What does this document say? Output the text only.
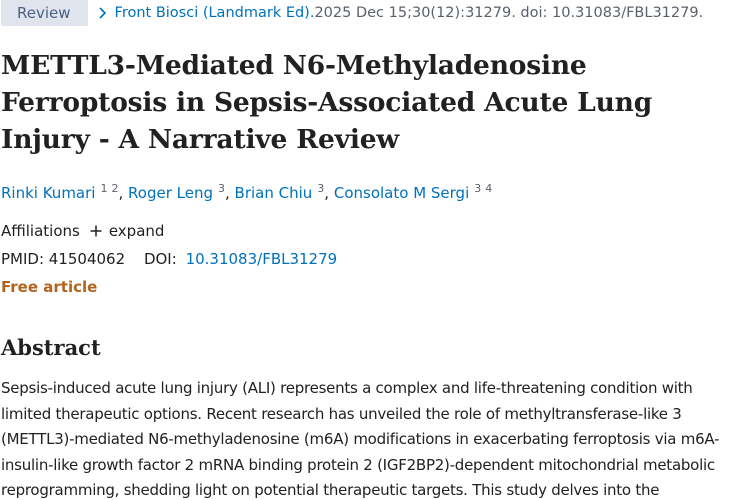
Review	Front Biosci (Landmark Ed). 2025 Dec 15;30(12):31279. doi: 10.31083/FBL31279.
METTL3-Mediated N6-Methyladenosine Ferroptosis in Sepsis-Associated Acute Lung Injury - A Narrative Review
Rinki Kumari $^1$ $^2$, Roger Leng $^3$, Brian Chiu $^3$, Consolato M Sergi $^3$ $^4$
Affiliations expand
PMID: 41504062 DOI: 10.31083/FBL31279
Free article
Abstract

Sepsis-induced acute lung injury (ALI) represents a complex and life-threatening condition with limited therapeutic options. Recent research has unveiled the role of methyltransferase-like 3 (METTL3)-mediated N6-methyladenosine (m6A) modifications in exacerbating ferroptosis via m6A-insulin-like growth factor 2 mRNA binding protein 2 (IGF2BP2)-dependent mitochondrial metabolic reprogramming, shedding light on potential therapeutic targets. This study delves into the
